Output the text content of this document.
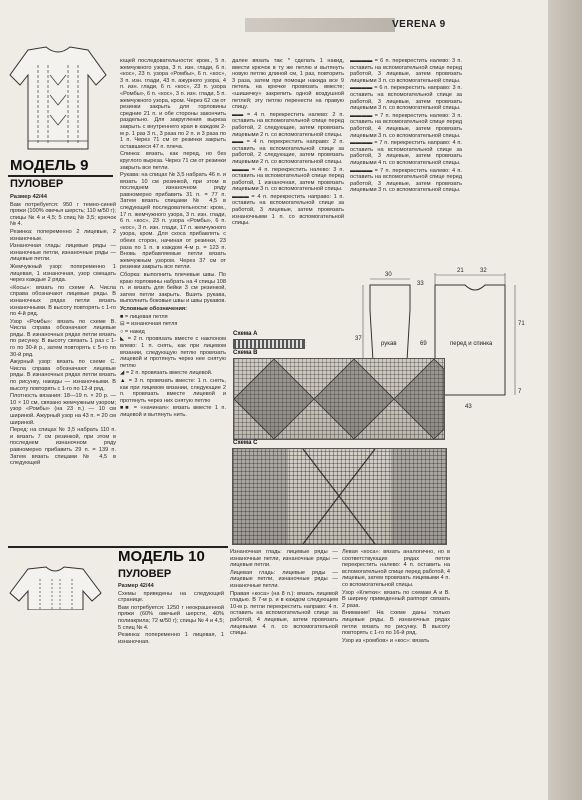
VERENA 9
МОДЕЛЬ 9
ПУЛОВЕР

Размер 42/44

Вам потребуется: 950 г темно-синей пряжи (100% овечья шерсть; 110 м/50 г); спицы № 4 и 4,5; 5 спиц № 3,5; крючок № 4.

Резинка: попеременно 2 лицевые, 2 изнаночные.

Изнаночная гладь: лицевые ряды — изнаночные петли, изнаночные ряды — лицевые петли.

Жемчужный узор: попеременно 1 лицевая, 1 изнаночная, узор смещать через каждые 2 ряда.

«Косы»: вязать по схеме А. Числа справа обозначают лицевые ряды. В изнаночных рядах петли вязать изнаночными. В высоту повторять с 1-го по 4-й ряд.

Узор «Ромбы»: вязать по схеме В. Числа справа обозначают лицевые ряды. В изнаночных рядах петли вязать по рисунку. В высоту связать 1 раз с 1-го по 30-й р., затем повторять с 5-го по 30-й ряд.

Ажурный узор: вязать по схеме С. Числа справа обозначают лицевые ряды. В изнаночных рядах петли вязать по рисунку, накиды — изнаночными. В высоту повторять с 1-го по 12-й ряд.

Плотность вязания: 18—19 п. × 20 р. — 10 × 10 см, связано жемчужным узором; узор «Ромбы» (на 23 п.) — 10 см шириной. Ажурный узор на 43 п. = 20 см шириной.

Перед: на спицах № 3,5 набрать 110 п. и вязать 7 см резинкой, при этом в последнем изнаночном ряду равномерно прибавить 29 п. = 139 п. Затем вязать спицами № 4,5 в следующей

ющей последовательности: кром., 5 п. жемчужного узора, 3 п. изн. глади, 6 п. «кос», 23 п. узора «Ромбы», 6 п. «кос», 3 п. изн. глади, 43 п. ажурного узора, 4 п. изн. глади, 6 п. «кос», 23 п. узора «Ромбы», 6 п. «кос», 3 п. изн. глади, 5 п. жемчужного узора, кром. Через 62 см от резинки закрыть для горловины средние 21 п. и обе стороны закончить раздельно. Для закругления выреза закрыть с внутреннего края в каждом 2-м р. 1 раз 3 п., 3 раза по 2 п. и 3 раза по 1 п. Через 71 см от резинки закрыть оставшиеся 47 п. плеча.

Спинка: вязать, как перед, но без круглого выреза. Через 71 см от резинки закрыть все петли.

Рукава: на спицах № 3,5 набрать 46 п. и вязать 10 см резинкой, при этом в последнем изнаночном ряду равномерно прибавить 31 п. = 77 п. Затем вязать спицами № 4,5 в следующей последовательности: кром., 17 п. жемчужного узора, 3 п. изн. глади, 6 п. «кос», 23 п. узора «Ромбы», 6 п. «кос», 3 п. изн. глади, 17 п. жемчужного узора, кром. Для скоса прибавлять с обеих сторон, начиная от резинки, 23 раза по 1 п. в каждом 4-м р. = 123 п. Вновь прибавляемые петли вязать жемчужным узором. Через 37 см от резинки закрыть все петли.

Сборка: выполнить плечевые швы. По краю горловины набрать на 4 спицы 108 п. и вязать для бейки 3 см резинкой, затем петли закрыть. Вшить рукава, выполнить боковые швы и швы рукавов.

Условные обозначения:

■ = лицевая петля

⊟ = изнаночная петля

○ = накид

◣ = 2 п. провязать вместе с наклоном влево: 1 п. снять, как при лицевом вязании, следующую петлю провязать лицевой и протянуть через нее снятую петлю

◢ = 2 п. провязать вместе лицевой.

▲ = 3 п. провязать вместе: 1 п. снять, как при лицевом вязании, следующие 2 п. провязать вместе лицевой и протянуть через них снятую петлю

■■ = «начиная»: вязать вместе 1 п. лицевой и вытянуть нить.

далее вязать так: * сделать 1 накид, ввести крючок в ту же петлю и вытянуть новую петлю длиной см, 1 раз, повторить 3 раза, затем при помощи накида все 9 петель на крючке провязать вместе; «шишечку» закрепить одной воздушной петлей; эту петлю перенести на правую спицу.

▬▬ = 4 п. перекрестить налево: 2 п. оставить на вспомогательной спице перед работой, 2 следующие, затем провязать лицевыми 2 п. со вспомогательной спицы.

▬▬ = 4 п. перекрестить направо: 2 п. оставить на вспомогательной спице за работой, 2 следующие, затем провязать лицевыми 2 п. со вспомогательной спицы.

▬▬▬ = 4 п. перекрестить налево: 3 п. оставить на вспомогательной спице перед работой, 1 изнаночная, затем провязать лицевыми 3 п. со вспомогательной спицы.

▬▬▬ = 4 п. перекрестить направо: 1 п. оставить на вспомогательной спице за работой, 3 лицевые, затем провязать изнаночными 1 п. со вспомогательной спицы.

▬▬▬▬ = 6 п. перекрестить налево: 3 п. оставить на вспомогательной спице перед работой, 3 лицевые, затем провязать лицевыми 3 п. со вспомогательной спицы.

▬▬▬▬ = 6 п. перекрестить направо: 3 п. оставить на вспомогательной спице за работой, 3 лицевые, затем провязать лицевыми 3 п. со вспомогательной спицы.

▬▬▬▬ = 7 п. перекрестить налево: 3 п. оставить на вспомогательной спице перед работой, 4 лицевые, затем провязать лицевыми 3 п. со вспомогательной спицы.

▬▬▬▬ = 7 п. перекрестить направо: 4 п. оставить на вспомогательной спице за работой, 3 лицевые, затем провязать лицевыми 4 п. со вспомогательной спицы.

▬▬▬▬ = 7 п. перекрестить налево: 4 п. оставить на вспомогательной спице перед работой, 3 лицевые, затем провязать лицевыми 3 п. со вспомогательной спицы.

рукав	перед и спинка
30
21	32
33
37
71
69
43
7
Схема А
Схема В
Схема С
МОДЕЛЬ 10
ПУЛОВЕР

Размер 42/44

Схемы приведены на следующей странице.

Вам потребуется: 1250 г неокрашенной пряжи (60% овечьей шерсти, 40% полиакрила; 72 м/50 г); спицы № 4 и 4,5; 5 спиц № 4.

Резинка: попеременно 1 лицевая, 1 изнаночная.

Изнаночная гладь: лицевые ряды — изнаночные петли, изнаночные ряды — лицевые петли.

Лицевая гладь: лицевые ряды — лицевые петли, изнаночные ряды — изнаночные петли.

Правая «коса» (на 8 п.): вязать лицевой гладью. В 7-м р. и в каждом следующем 10-м р. петли перекрестить направо: 4 п. оставить на вспомогательной спице за работой, 4 лицевые, затем провязать лицевыми 4 п. со вспомогательной спицы.

Левая «коса»: вязать аналогично, но в соответствующих рядах петли перекрестить налево: 4 п. оставить на вспомогательной спице перед работой, 4 лицевые, затем провязать лицевыми 4 п. со вспомогательной спицы.

Узор «Клетки»: вязать по схемам А и В. В ширину приведенный раппорт связать 2 раза.

Внимание! На схеме даны только лицевые ряды. В изнаночных рядах петли вязать по рисунку. В высоту повторять с 1-го по 16-й ряд.

Узор из «ромбов» и «кос»: вязать
